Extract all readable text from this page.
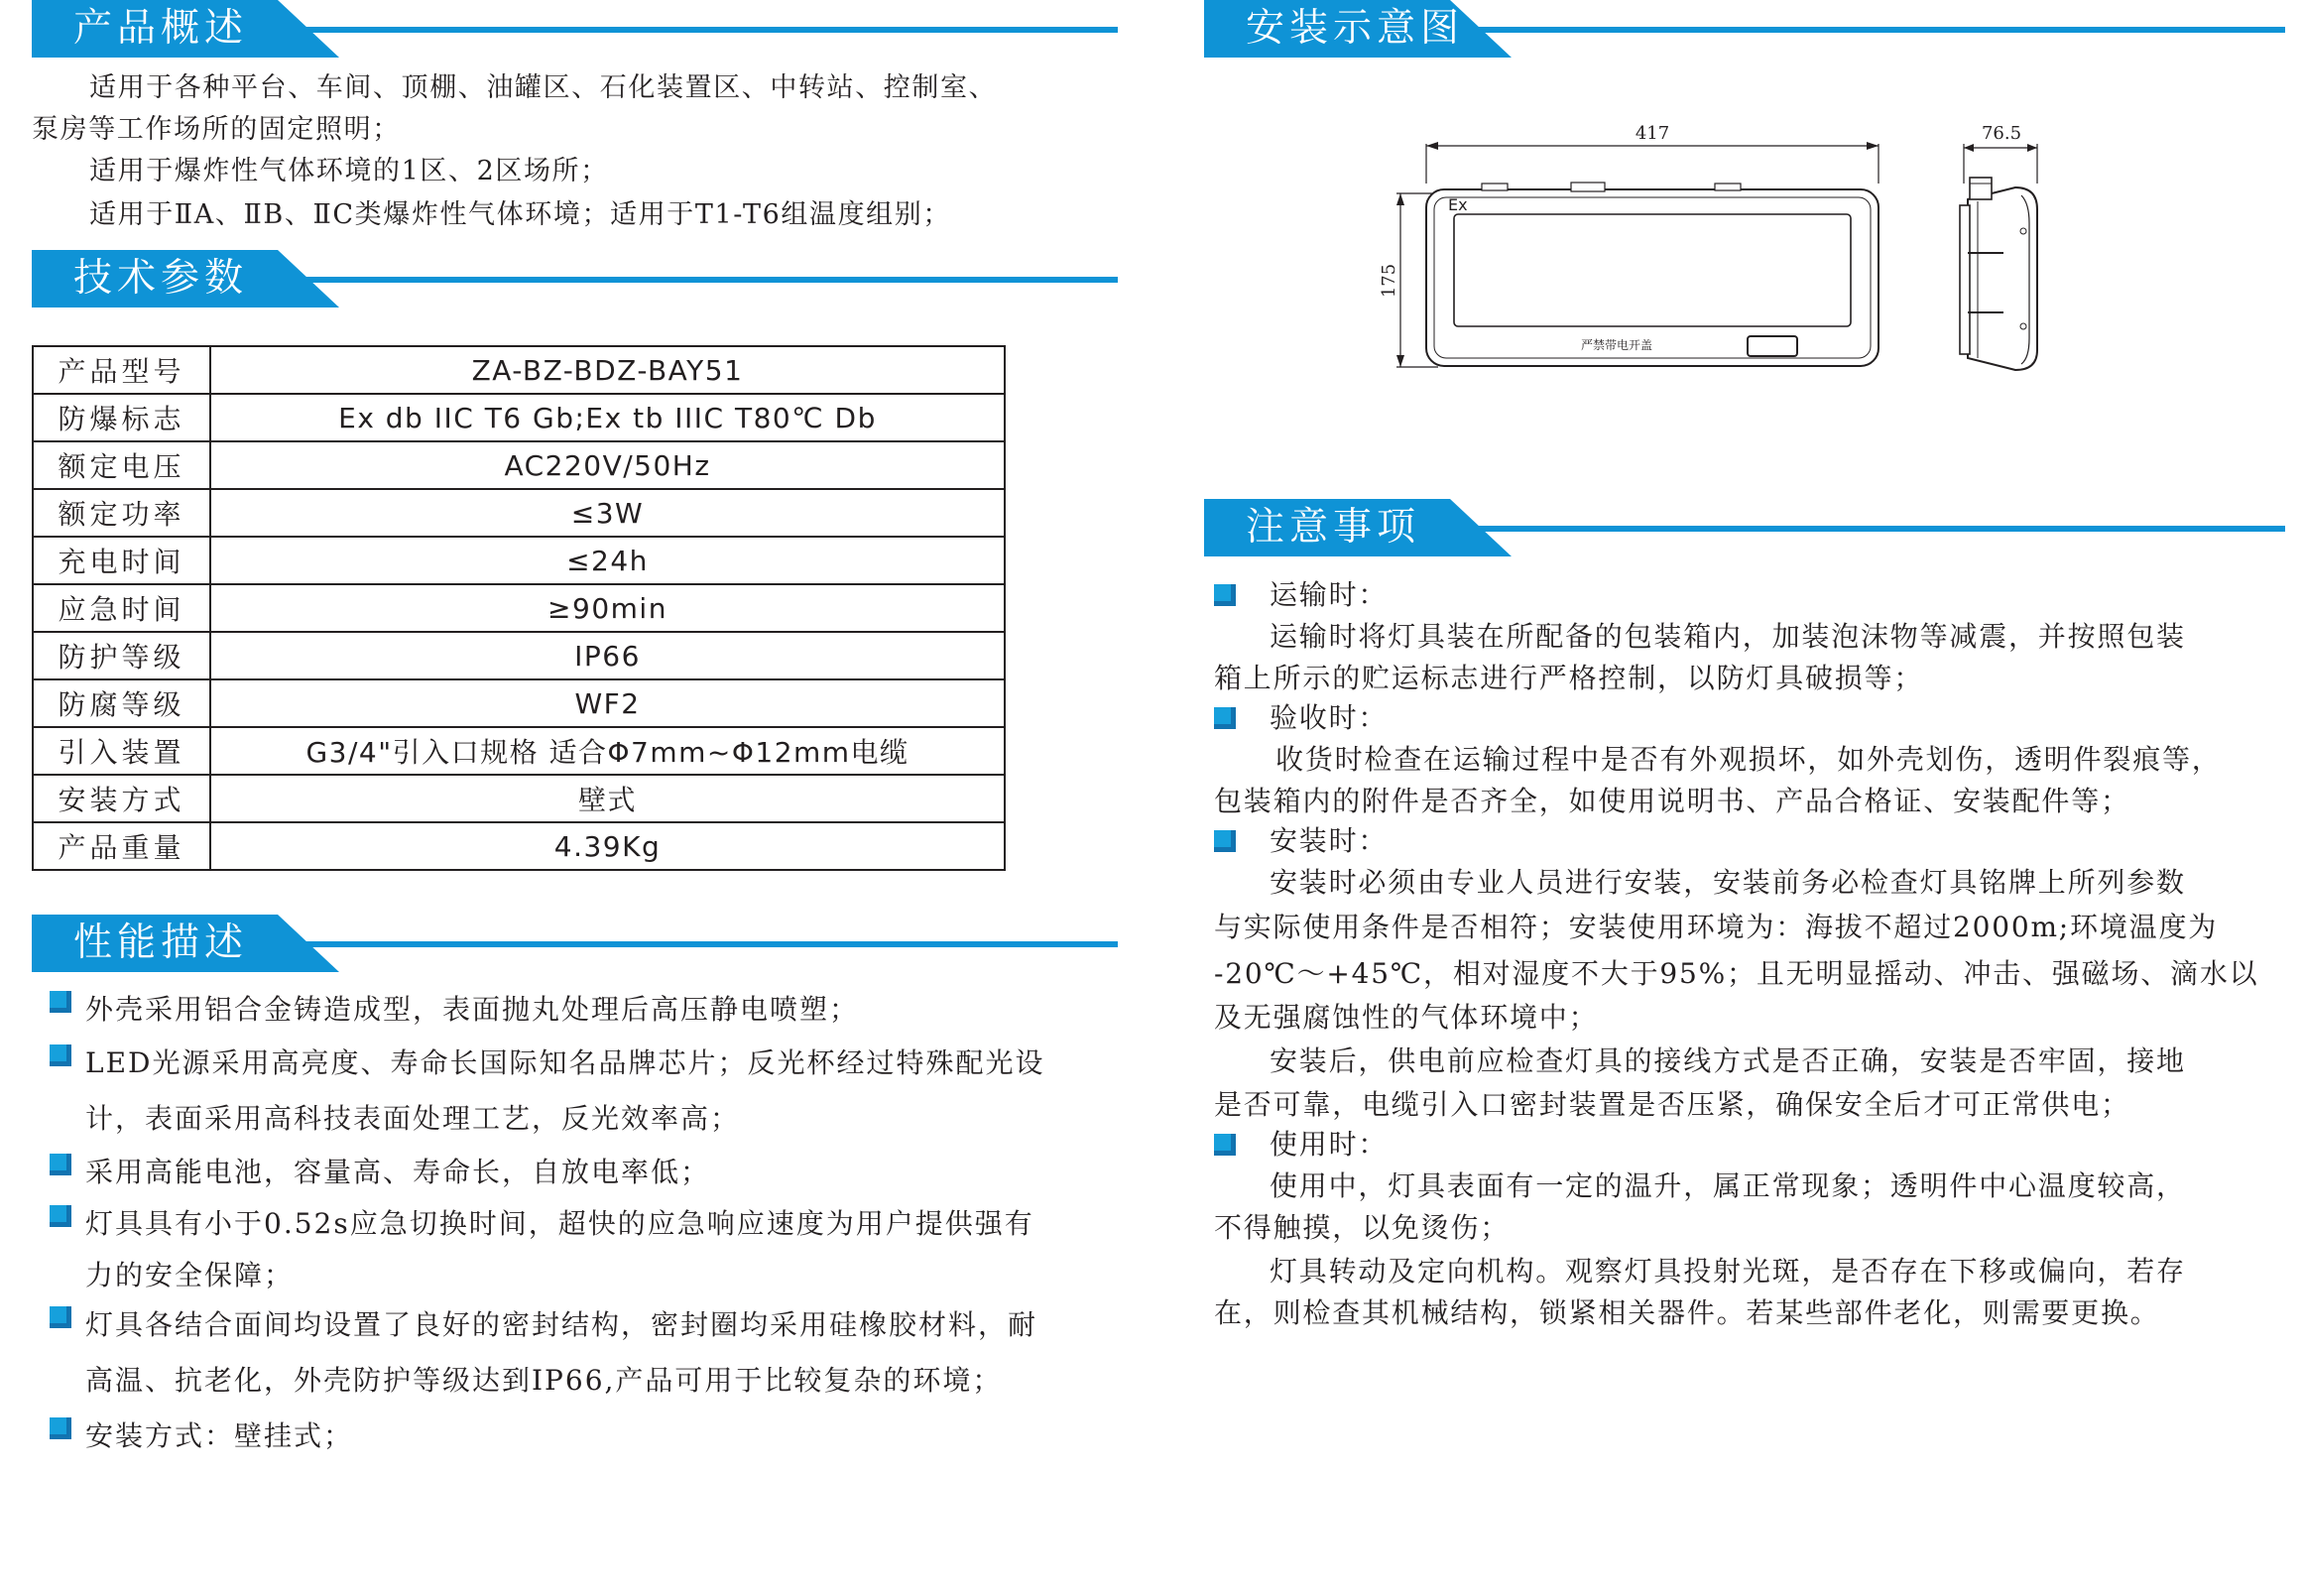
产品概述

适用于各种平台、车间、顶棚、油罐区、石化装置区、中转站、控制室、

泵房等工作场所的固定照明；

适用于爆炸性气体环境的1区、2区场所；

适用于ⅡA、ⅡB、ⅡC类爆炸性气体环境；适用于T1-T6组温度组别；

技术参数
产品型号	ZA-BZ-BDZ-BAY51
防爆标志	Ex db IIC T6 Gb;Ex tb IIIC T80℃ Db
额定电压	AC220V/50Hz
额定功率	≤3W
充电时间	≤24h
应急时间	≥90min
防护等级	IP66
防腐等级	WF2
引入装置	G3/4"引入口规格 适合Φ7mm~Φ12mm电缆
安装方式	壁式
产品重量	4.39Kg
性能描述
外壳采用铝合金铸造成型，表面抛丸处理后高压静电喷塑；
LED光源采用高亮度、寿命长国际知名品牌芯片；反光杯经过特殊配光设
计，表面采用高科技表面处理工艺，反光效率高；
采用高能电池，容量高、寿命长，自放电率低；
灯具具有小于0.52s应急切换时间，超快的应急响应速度为用户提供强有
力的安全保障；
灯具各结合面间均设置了良好的密封结构，密封圈均采用硅橡胶材料，耐
高温、抗老化，外壳防护等级达到IP66,产品可用于比较复杂的环境；
安装方式：壁挂式；
安装示意图
417
175
Ex
严禁带电开盖
76.5
注意事项
运输时：
运输时将灯具装在所配备的包装箱内，加装泡沫物等减震，并按照包装
箱上所示的贮运标志进行严格控制，以防灯具破损等；
验收时：
收货时检查在运输过程中是否有外观损坏，如外壳划伤，透明件裂痕等，
包装箱内的附件是否齐全，如使用说明书、产品合格证、安装配件等；
安装时：
安装时必须由专业人员进行安装，安装前务必检查灯具铭牌上所列参数
与实际使用条件是否相符；安装使用环境为：海拔不超过2000m;环境温度为
-20℃～+45℃，相对湿度不大于95%；且无明显摇动、冲击、强磁场、滴水以
及无强腐蚀性的气体环境中；
安装后，供电前应检查灯具的接线方式是否正确，安装是否牢固，接地
是否可靠，电缆引入口密封装置是否压紧，确保安全后才可正常供电；
使用时：
使用中，灯具表面有一定的温升，属正常现象；透明件中心温度较高，
不得触摸，以免烫伤；
灯具转动及定向机构。观察灯具投射光斑，是否存在下移或偏向，若存
在，则检查其机械结构，锁紧相关器件。若某些部件老化，则需要更换。
